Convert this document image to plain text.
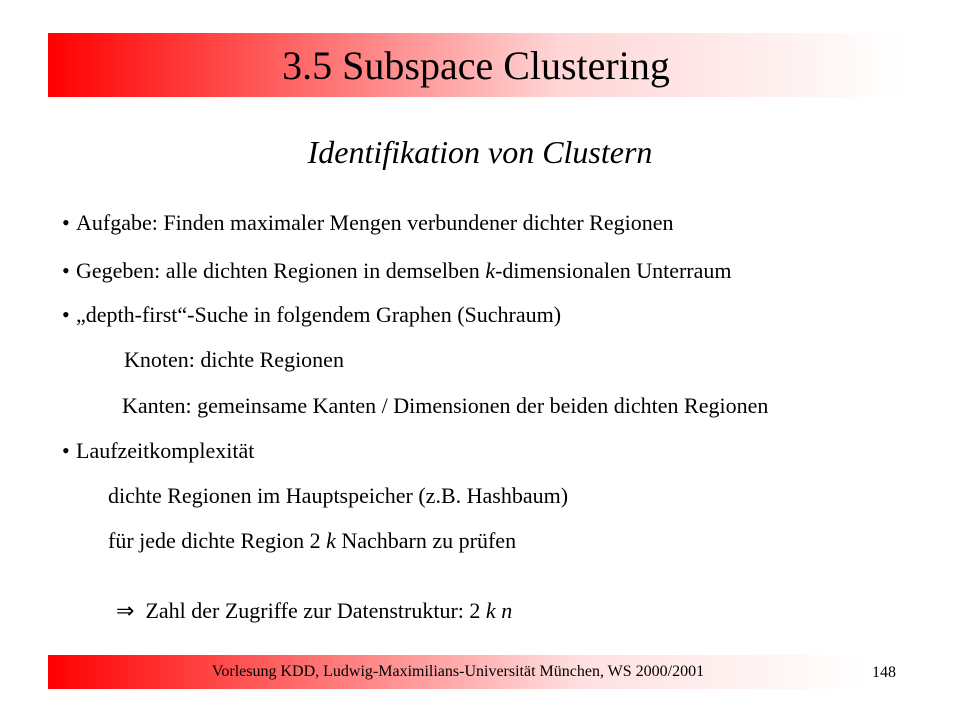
3.5 Subspace Clustering
Identifikation von Clustern
• Aufgabe: Finden maximaler Mengen verbundener dichter Regionen
• Gegeben: alle dichten Regionen in demselben k-dimensionalen Unterraum
• „depth-first“-Suche in folgendem Graphen (Suchraum)
Knoten: dichte Regionen
Kanten: gemeinsame Kanten / Dimensionen der beiden dichten Regionen
• Laufzeitkomplexität
dichte Regionen im Hauptspeicher (z.B. Hashbaum)
für jede dichte Region 2 k Nachbarn zu prüfen
⇒ Zahl der Zugriffe zur Datenstruktur: 2 k n
Vorlesung KDD, Ludwig-Maximilians-Universität München, WS 2000/2001	148
